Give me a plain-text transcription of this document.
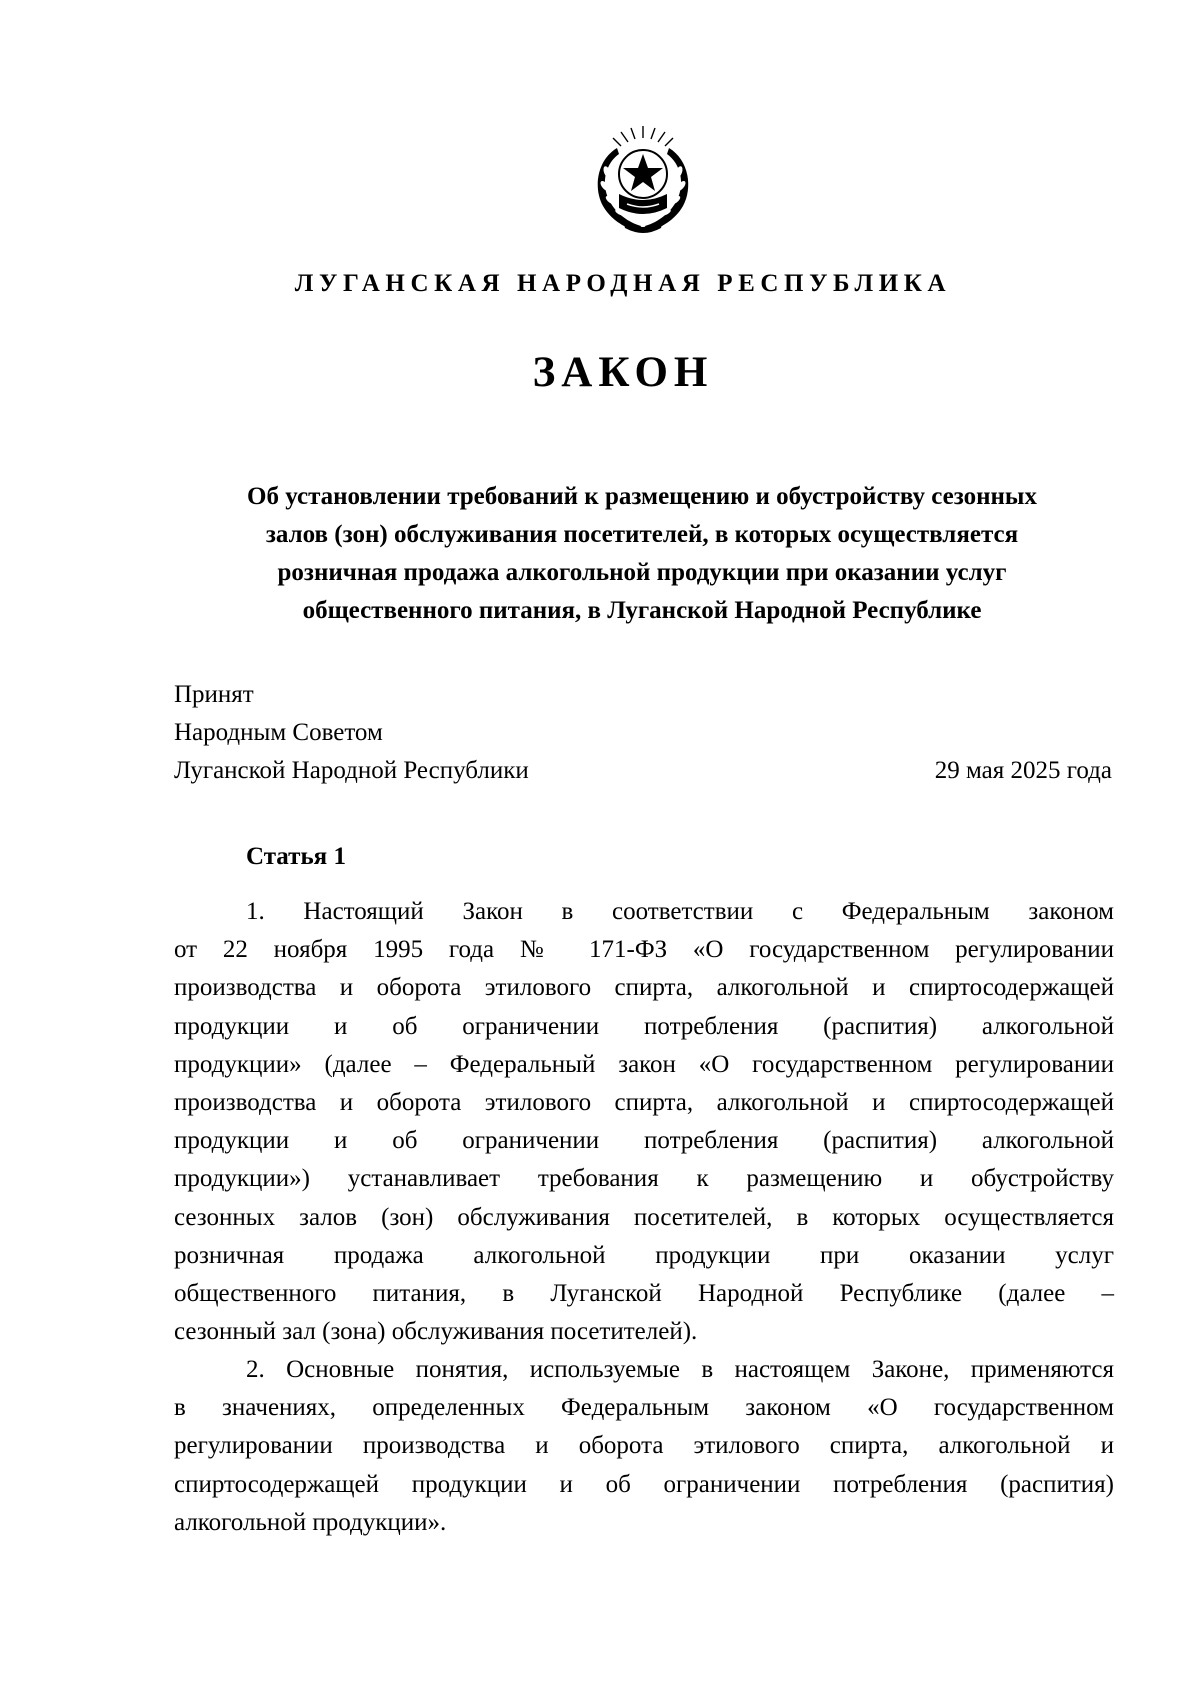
ЛУГАНСКАЯ НАРОДНАЯ РЕСПУБЛИКА
ЗАКОН
Об установлении требований к размещению и обустройству сезонных
залов (зон) обслуживания посетителей, в которых осуществляется
розничная продажа алкогольной продукции при оказании услуг
общественного питания, в Луганской Народной Республике
Принят
Народным Советом
Луганской Народной Республики	29 мая 2025 года
Статья 1
1. Настоящий Закон в соответствии с Федеральным законом
от 22 ноября 1995 года № 171-ФЗ «О государственном регулировании
производства и оборота этилового спирта, алкогольной и спиртосодержащей
продукции и об ограничении потребления (распития) алкогольной
продукции» (далее – Федеральный закон «О государственном регулировании
производства и оборота этилового спирта, алкогольной и спиртосодержащей
продукции и об ограничении потребления (распития) алкогольной
продукции») устанавливает требования к размещению и обустройству
сезонных залов (зон) обслуживания посетителей, в которых осуществляется
розничная продажа алкогольной продукции при оказании услуг
общественного питания, в Луганской Народной Республике (далее –
сезонный зал (зона) обслуживания посетителей).
2. Основные понятия, используемые в настоящем Законе, применяются
в значениях, определенных Федеральным законом «О государственном
регулировании производства и оборота этилового спирта, алкогольной и
спиртосодержащей продукции и об ограничении потребления (распития)
алкогольной продукции».
